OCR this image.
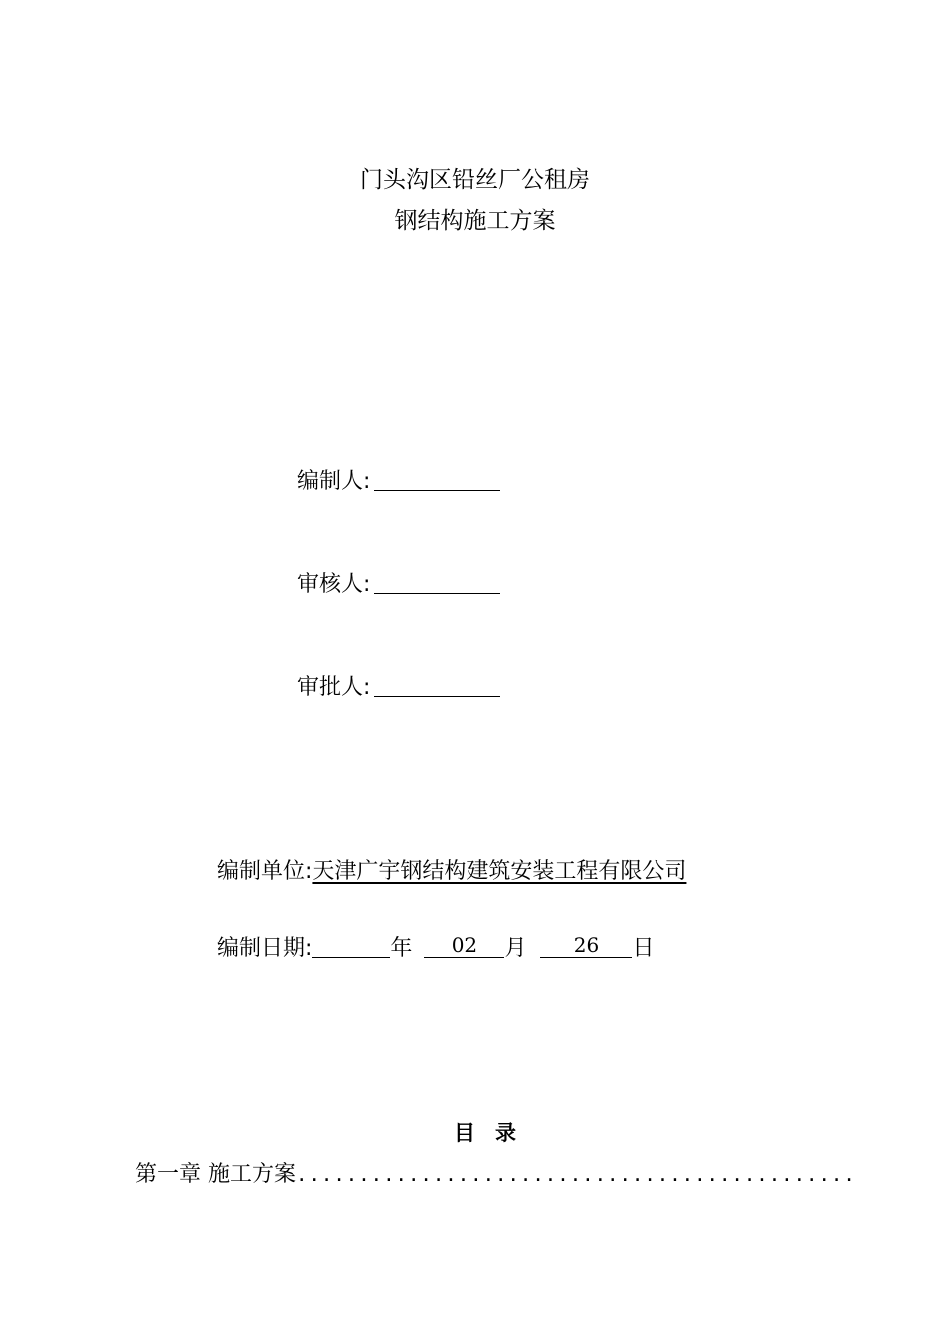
门头沟区铅丝厂公租房
钢结构施工方案
编制人:
审核人:
审批人:
编制单位:天津广宇钢结构建筑安装工程有限公司
编制日期:	年	02	月	26	日
目录
第一章 施工方案.............................................
